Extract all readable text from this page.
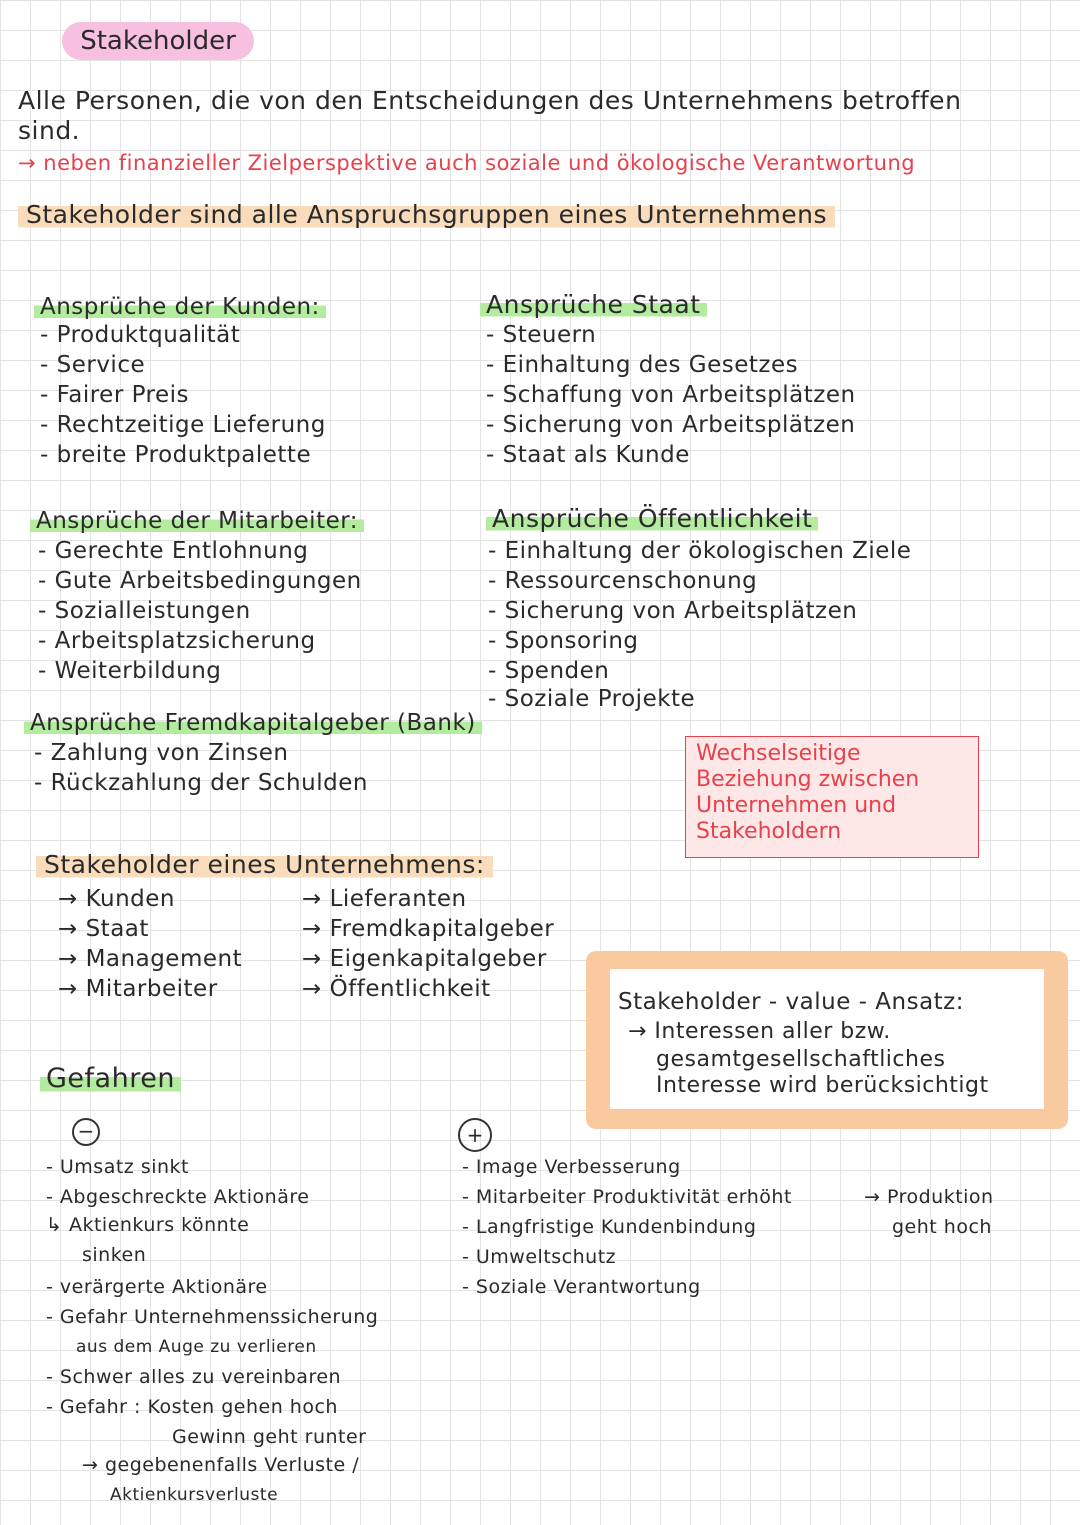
Stakeholder
Alle Personen, die von den Entscheidungen des Unternehmens betroffen
sind.
→ neben finanzieller Zielperspektive auch soziale und ökologische Verantwortung
Stakeholder sind alle Anspruchsgruppen eines Unternehmens
Ansprüche der Kunden:
- Produktqualität
- Service
- Fairer Preis
- Rechtzeitige Lieferung
- breite Produktpalette
Ansprüche Staat
- Steuern
- Einhaltung des Gesetzes
- Schaffung von Arbeitsplätzen
- Sicherung von Arbeitsplätzen
- Staat als Kunde
Ansprüche der Mitarbeiter:
- Gerechte Entlohnung
- Gute Arbeitsbedingungen
- Sozialleistungen
- Arbeitsplatzsicherung
- Weiterbildung
Ansprüche Öffentlichkeit
- Einhaltung der ökologischen Ziele
- Ressourcenschonung
- Sicherung von Arbeitsplätzen
- Sponsoring
- Spenden
- Soziale Projekte
Ansprüche Fremdkapitalgeber (Bank)
- Zahlung von Zinsen
- Rückzahlung der Schulden
Wechselseitige
Beziehung zwischen
Unternehmen und
Stakeholdern
Stakeholder eines Unternehmens:
→ Kunden
→ Staat
→ Management
→ Mitarbeiter
→ Lieferanten
→ Fremdkapitalgeber
→ Eigenkapitalgeber
→ Öffentlichkeit	Stakeholder - value - Ansatz:
→ Interessen aller bzw.
gesamtgesellschaftliches
Interesse wird berücksichtigt
Gefahren
−	+
- Umsatz sinkt
- Abgeschreckte Aktionäre
↳ Aktienkurs könnte
sinken
- verärgerte Aktionäre
- Gefahr Unternehmenssicherung
aus dem Auge zu verlieren
- Schwer alles zu vereinbaren
- Gefahr : Kosten gehen hoch
Gewinn geht runter
→ gegebenenfalls Verluste /
Aktienkursverluste
- Image Verbesserung
- Mitarbeiter Produktivität erhöht
- Langfristige Kundenbindung
- Umweltschutz
- Soziale Verantwortung
→ Produktion
geht hoch
